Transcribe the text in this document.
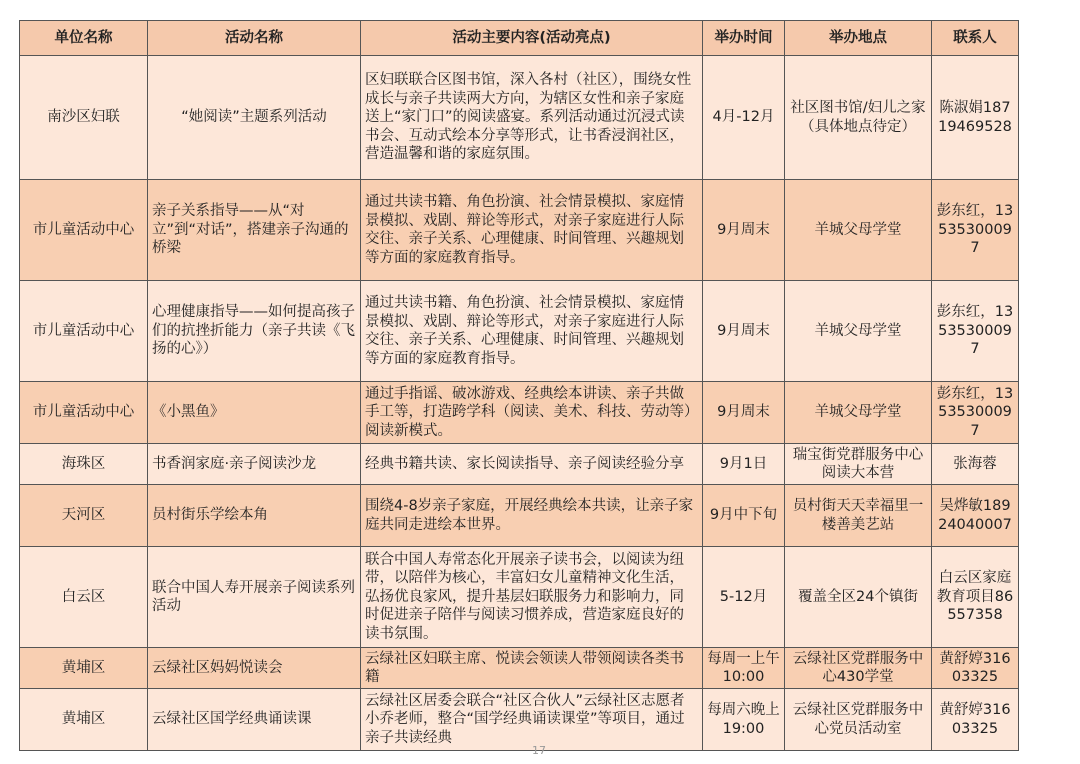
单位名称	活动名称	活动主要内容(活动亮点)	举办时间	举办地点	联系人
南沙区妇联	“她阅读”主题系列活动	区妇联联合区图书馆，深入各村（社区），围绕女性成长与亲子共读两大方向，为辖区女性和亲子家庭送上“家门口”的阅读盛宴。系列活动通过沉浸式读书会、互动式绘本分享等形式，让书香浸润社区，营造温馨和谐的家庭氛围。	4月-12月	社区图书馆/妇儿之家（具体地点待定）	陈淑娟18719469528
市儿童活动中心	亲子关系指导——从“对立”到“对话”，搭建亲子沟通的桥梁	通过共读书籍、角色扮演、社会情景模拟、家庭情景模拟、戏剧、辩论等形式，对亲子家庭进行人际交往、亲子关系、心理健康、时间管理、兴趣规划等方面的家庭教育指导。	9月周末	羊城父母学堂	彭东红，13535300097
市儿童活动中心	心理健康指导——如何提高孩子们的抗挫折能力（亲子共读《飞扬的心》）	通过共读书籍、角色扮演、社会情景模拟、家庭情景模拟、戏剧、辩论等形式，对亲子家庭进行人际交往、亲子关系、心理健康、时间管理、兴趣规划等方面的家庭教育指导。	9月周末	羊城父母学堂	彭东红，13535300097
市儿童活动中心	《小黑鱼》	通过手指谣、破冰游戏、经典绘本讲读、亲子共做手工等，打造跨学科（阅读、美术、科技、劳动等）阅读新模式。	9月周末	羊城父母学堂	彭东红，13535300097
海珠区	书香润家庭·亲子阅读沙龙	经典书籍共读、家长阅读指导、亲子阅读经验分享	9月1日	瑞宝街党群服务中心阅读大本营	张海蓉
天河区	员村街乐学绘本角	围绕4-8岁亲子家庭，开展经典绘本共读，让亲子家庭共同走进绘本世界。	9月中下旬	员村街天天幸福里一楼善美艺站	吴烨敏18924040007
白云区	联合中国人寿开展亲子阅读系列活动	联合中国人寿常态化开展亲子读书会，以阅读为纽带，以陪伴为核心，丰富妇女儿童精神文化生活，弘扬优良家风，提升基层妇联服务力和影响力，同时促进亲子陪伴与阅读习惯养成，营造家庭良好的读书氛围。	5-12月	覆盖全区24个镇街	白云区家庭教育项目86557358
黄埔区	云绿社区妈妈悦读会	云绿社区妇联主席、悦读会领读人带领阅读各类书籍	每周一上午10:00	云绿社区党群服务中心430学堂	黄舒婷31603325
黄埔区	云绿社区国学经典诵读课	云绿社区居委会联合“社区合伙人”云绿社区志愿者小乔老师，整合“国学经典诵读课堂”等项目，通过亲子共读经典	每周六晚上19:00	云绿社区党群服务中心党员活动室	黄舒婷31603325
17
